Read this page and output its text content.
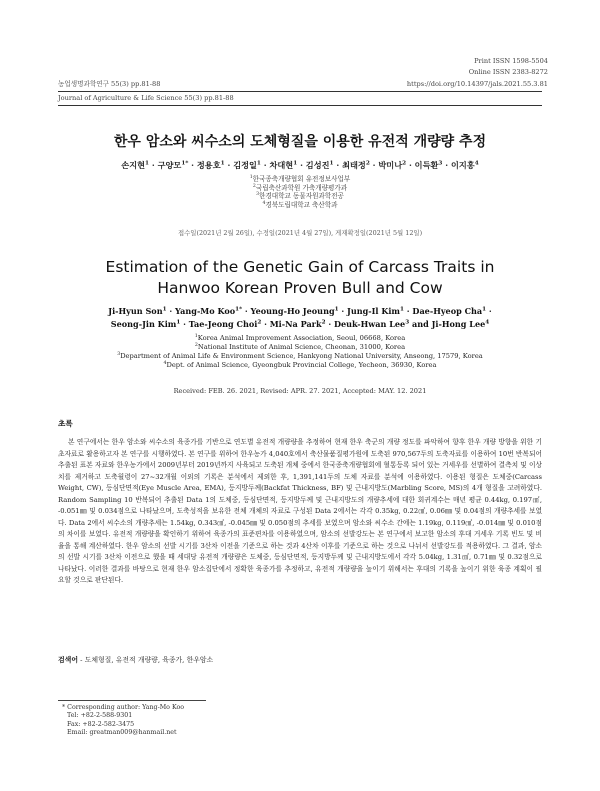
Print ISSN 1598-5504
Online ISSN 2383-8272
농업생명과학연구 55(3) pp.81-88	https://doi.org/10.14397/jals.2021.55.3.81
Journal of Agriculture & Life Science 55(3) pp.81-88
한우 암소와 씨수소의 도체형질을 이용한 유전적 개량량 추정
손지현$^1$ · 구양모$^{1*}$ · 정용호$^1$ · 김정일$^1$ · 차대현$^1$ · 김성진$^1$ · 최태정$^2$ · 박미나$^2$ · 이득환$^3$ · 이지홍$^4$
$^1$한국종축개량협회 유전정보사업부
$^2$국립축산과학원 가축개량평가과
$^3$한경대학교 동물자원과학전공
$^4$경북도립대학교 축산학과
접수일(2021년 2월 26일), 수정일(2021년 4월 27일), 게재확정일(2021년 5월 12일)
Estimation of the Genetic Gain of Carcass Traits in
Hanwoo Korean Proven Bull and Cow
Ji-Hyun Son$^1$ · Yang-Mo Koo$^{1*}$ · Yeoung-Ho Jeoung$^1$ · Jung-Il Kim$^1$ · Dae-Hyeop Cha$^1$ ·
Seong-Jin Kim$^1$ · Tae-Jeong Choi$^2$ · Mi-Na Park$^2$ · Deuk-Hwan Lee$^3$ and Ji-Hong Lee$^4$
$^1$Korea Animal Improvement Association, Seoul, 06668, Korea
$^2$National Institute of Animal Science, Cheonan, 31000, Korea
$^3$Department of Animal Life & Environment Science, Hankyong National University, Anseong, 17579, Korea
$^4$Dept. of Animal Science, Gyeongbuk Provincial College, Yecheon, 36930, Korea
Received: FEB. 26. 2021, Revised: APR. 27. 2021, Accepted: MAY. 12. 2021
초록

본 연구에서는 한우 암소와 씨수소의 육종가를 기반으로 연도별 유전적 개량량을 추정하여 현재 한우 축군의 개량 정도를 파악하여 향후 한우 개량 방향을 위한 기초자료로 활용하고자 본 연구를 시행하였다. 본 연구를 위하여 한우농가 4,040호에서 축산물품질평가원에 도축된 970,567두의 도축자료를 이용하여 10번 반복되어 추출된 표본 자료와 한우농가에서 2009년부터 2019년까지 사육되고 도축된 개체 중에서 한국종축개량협회에 혈통등록 되어 있는 거세우를 선별하여 결측치 및 이상치를 제거하고 도축월령이 27~32개월 이외의 기록은 분석에서 제외한 후, 1,391,141두의 도체 자료를 분석에 이용하였다. 이용된 형질은 도체중(Carcass Weight, CW), 등심단면적(Eye Muscle Area, EMA), 등지방두께(Backfat Thickness, BF) 및 근내지방도(Marbling Score, MS)의 4개 형질을 고려하였다. Random Sampling 10 반복되어 추출된 Data 1의 도체중, 등심단면적, 등지방두께 및 근내지방도의 개량추세에 대한 회귀계수는 매년 평균 0.44kg, 0.197㎠, -0.051㎜ 및 0.034점으로 나타났으며, 도축성적을 보유한 전체 개체의 자료로 구성된 Data 2에서는 각각 0.35kg, 0.22㎠, 0.06㎜ 및 0.04점의 개량추세를 보였다. Data 2에서 씨수소의 개량추세는 1.54kg, 0.343㎠, -0.045㎜ 및 0.050점의 추세를 보였으며 암소와 씨수소 간에는 1.19kg, 0.119㎠, -0.014㎜ 및 0.010점의 차이를 보였다. 유전적 개량량을 확인하기 위하여 육종가의 표준편차를 이용하였으며, 암소의 선발강도는 본 연구에서 보고한 암소의 후대 거세우 기록 빈도 및 비율을 통해 계산하였다. 한우 암소의 선발 시기를 3산차 이전을 기준으로 하는 것과 4산차 이후를 기준으로 하는 것으로 나뉘서 선발강도를 적용하였다. 그 결과, 암소의 선발 시기를 3산차 이전으로 했을 때 세대당 유전적 개량량은 도체중, 등심단면적, 등지방두께 및 근내지방도에서 각각 5.04kg, 1.31㎠, 0.71㎜ 및 0.32점으로 나타났다. 이러한 결과를 바탕으로 현재 한우 암소집단에서 정확한 육종가를 추정하고, 유전적 개량량을 높이기 위해서는 후대의 기록을 높이기 위한 육종 계획이 필요할 것으로 판단된다.

검색어 - 도체형질, 유전적 개량량, 육종가, 한우암소
* Corresponding author: Yang-Mo Koo
Tel: +82-2-588-9301
Fax: +82-2-582-3475
Email: greatman009@hanmail.net
